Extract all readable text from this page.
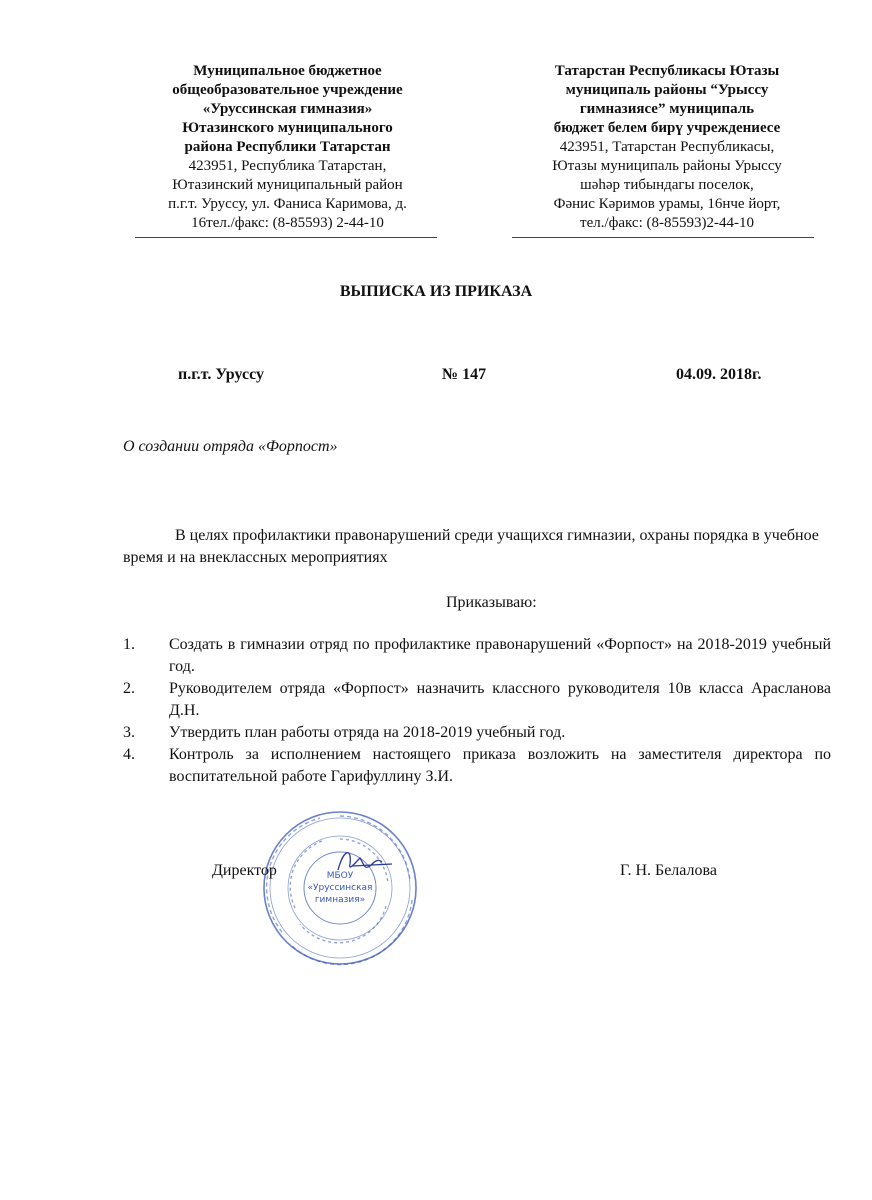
Муниципальное бюджетное
общеобразовательное учреждение
«Уруссинская гимназия»
Ютазинского муниципального
района Республики Татарстан
423951, Республика Татарстан,
Ютазинский муниципальный район
п.г.т. Уруссу, ул. Фаниса Каримова, д.
16тел./факс: (8-85593) 2-44-10
Татарстан Республикасы Ютазы
муниципаль районы “Урыссу
гимназиясе” муниципаль
бюджет белем бирү учреждениесе
423951, Татарстан Республикасы,
Ютазы муниципаль районы Урыссу
шәһәр тибындагы поселок,
Фәнис Кәримов урамы, 16нчe йорт,
тел./факс: (8-85593)2-44-10
ВЫПИСКА ИЗ ПРИКАЗА
п.г.т. Уруссу	№ 147	04.09. 2018г.
О создании отряда «Форпост»
В целях профилактики правонарушений среди учащихся гимназии, охраны порядка в учебное время и на внеклассных мероприятиях
Приказываю:
1. Создать в гимназии отряд по профилактике правонарушений «Форпост» на 2018-2019 учебный год.
2. Руководителем отряда «Форпост» назначить классного руководителя 10в класса Арасланова Д.Н.
3. Утвердить план работы отряда на 2018-2019 учебный год.
4. Контроль за исполнением настоящего приказа возложить на заместителя директора по воспитательной работе Гарифуллину З.И.
МБОУ
«Уруссинская
гимназия»
Директор	Г. Н. Белалова
